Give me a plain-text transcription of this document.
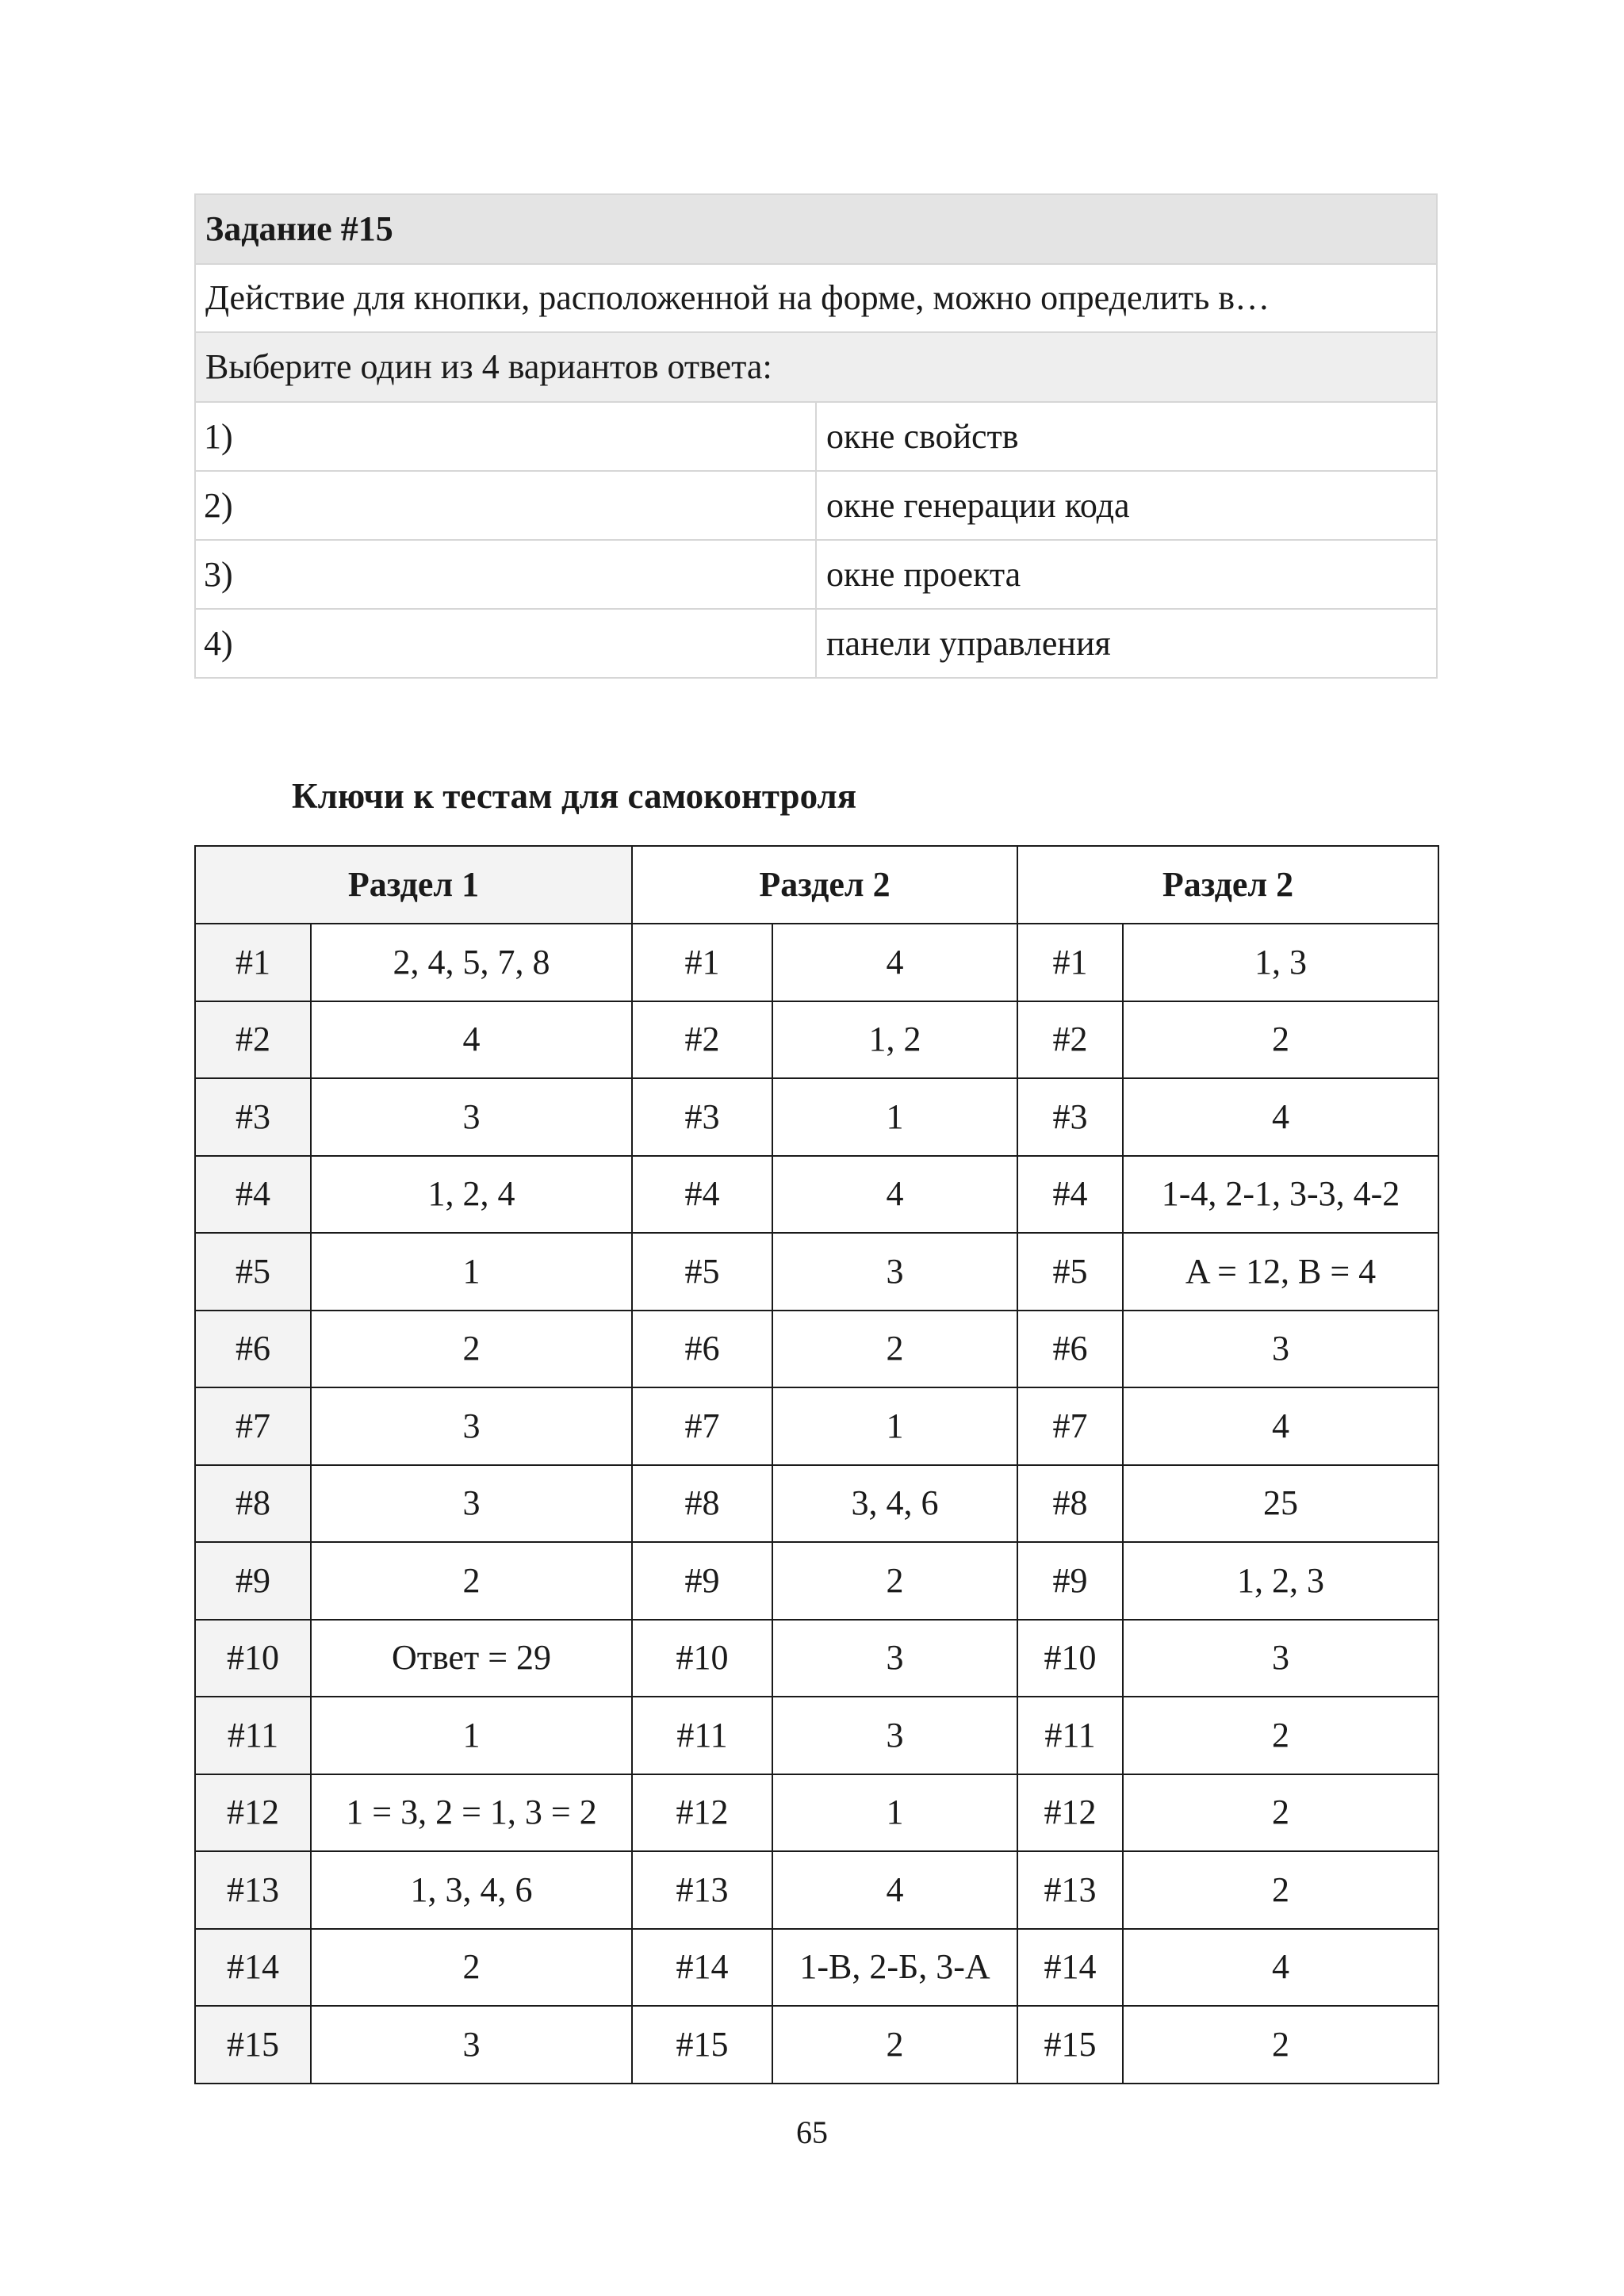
Задание #15	
Действие для кнопки, расположенной на форме, можно определить в…	
Выберите один из 4 вариантов ответа:	
1)	окне свойств
2)	окне генерации кода
3)	окне проекта
4)	панели управления
Ключи к тестам для самоконтроля
Раздел 1		Раздел 2		Раздел 2	
#1	2, 4, 5, 7, 8	#1	4	#1	1, 3
#2	4	#2	1, 2	#2	2
#3	3	#3	1	#3	4
#4	1, 2, 4	#4	4	#4	1-4, 2-1, 3-3, 4-2
#5	1	#5	3	#5	A = 12, B = 4
#6	2	#6	2	#6	3
#7	3	#7	1	#7	4
#8	3	#8	3, 4, 6	#8	25
#9	2	#9	2	#9	1, 2, 3
#10	Ответ = 29	#10	3	#10	3
#11	1	#11	3	#11	2
#12	1 = 3, 2 = 1, 3 = 2	#12	1	#12	2
#13	1, 3, 4, 6	#13	4	#13	2
#14	2	#14	1-В, 2-Б, 3-А	#14	4
#15	3	#15	2	#15	2

65
